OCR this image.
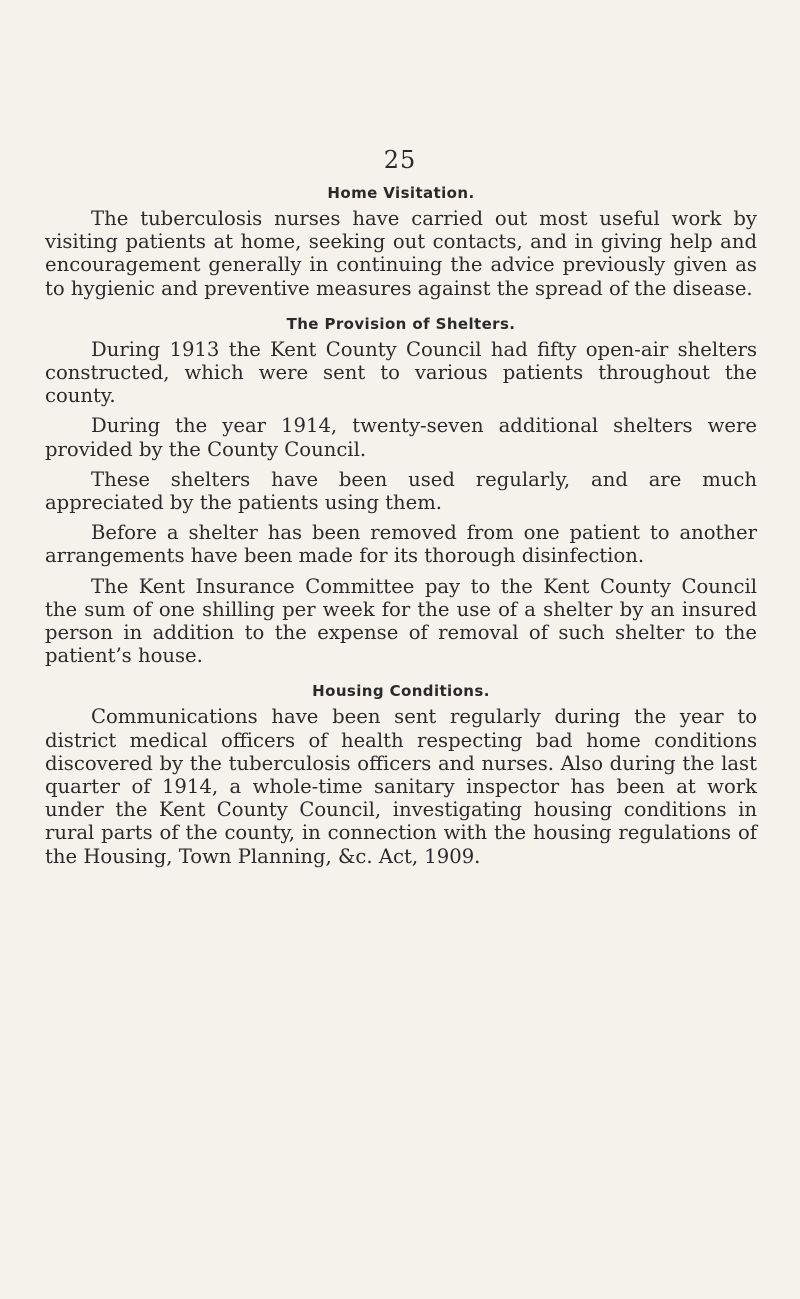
25
Home Visitation.

The tuberculosis nurses have carried out most useful work by visiting patients at home, seeking out contacts, and in giving help and encouragement generally in continuing the advice previously given as to hygienic and preventive measures against the spread of the disease.

The Provision of Shelters.

During 1913 the Kent County Council had fifty open-air shelters constructed, which were sent to various patients throughout the county.

During the year 1914, twenty-seven additional shelters were provided by the County Council.

These shelters have been used regularly, and are much appreciated by the patients using them.

Before a shelter has been removed from one patient to another arrangements have been made for its thorough disinfection.

The Kent Insurance Committee pay to the Kent County Council the sum of one shilling per week for the use of a shelter by an insured person in addition to the expense of removal of such shelter to the patient’s house.

Housing Conditions.

Communications have been sent regularly during the year to district medical officers of health respecting bad home conditions discovered by the tuberculosis officers and nurses. Also during the last quarter of 1914, a whole-time sanitary inspector has been at work under the Kent County Council, investigating housing conditions in rural parts of the county, in connection with the housing regulations of the Housing, Town Planning, &c. Act, 1909.
